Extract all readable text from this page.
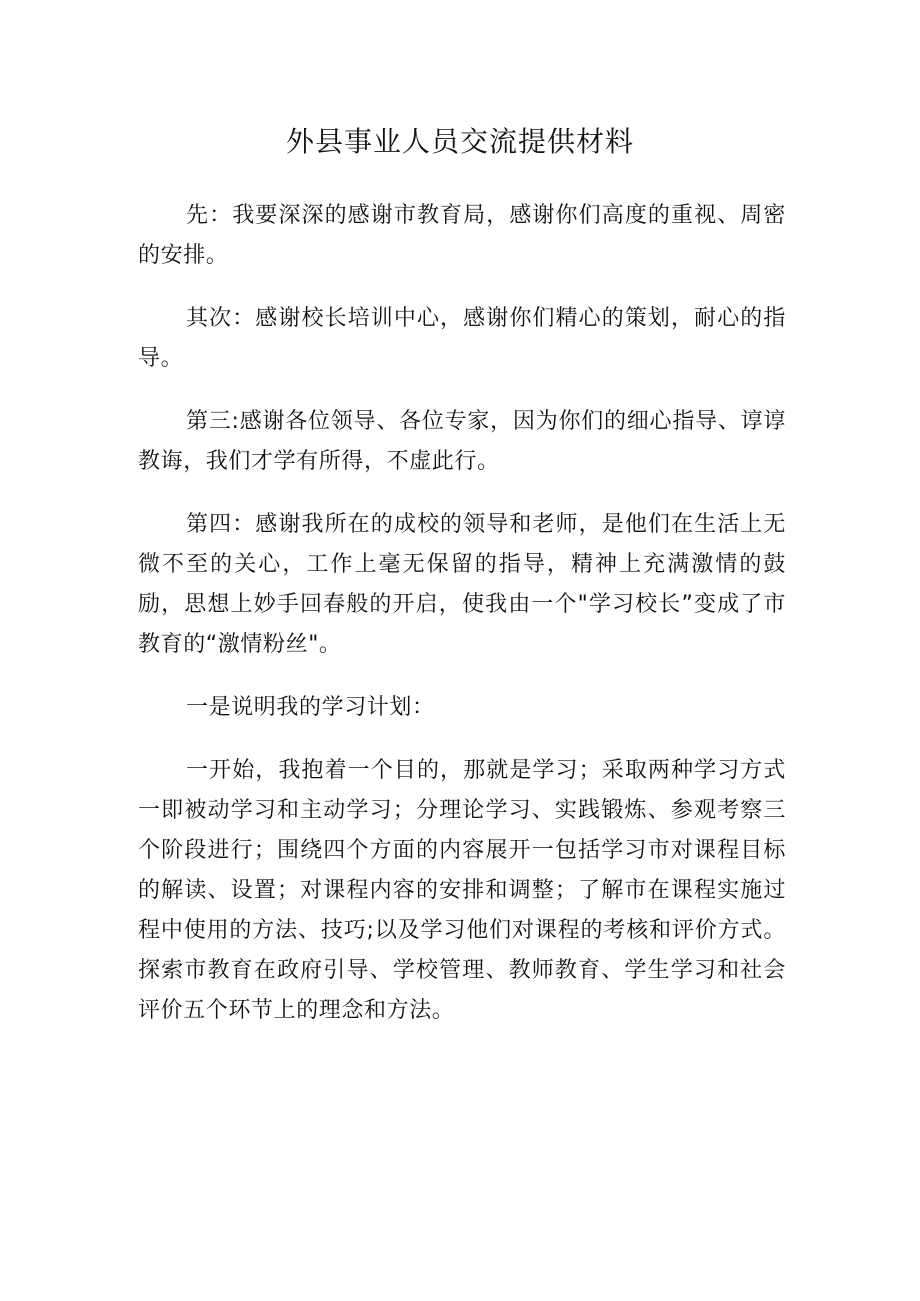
外县事业人员交流提供材料

先：我要深深的感谢市教育局，感谢你们高度的重视、周密的安排。

其次：感谢校长培训中心，感谢你们精心的策划，耐心的指导。

第三:感谢各位领导、各位专家，因为你们的细心指导、谆谆教诲，我们才学有所得，不虚此行。

第四：感谢我所在的成校的领导和老师，是他们在生活上无微不至的关心，工作上毫无保留的指导，精神上充满激情的鼓励，思想上妙手回春般的开启，使我由一个"学习校长”变成了市教育的“激情粉丝"。

一是说明我的学习计划：

一开始，我抱着一个目的，那就是学习；采取两种学习方式一即被动学习和主动学习；分理论学习、实践锻炼、参观考察三个阶段进行；围绕四个方面的内容展开一包括学习市对课程目标的解读、设置；对课程内容的安排和调整；了解市在课程实施过程中使用的方法、技巧;以及学习他们对课程的考核和评价方式。探索市教育在政府引导、学校管理、教师教育、学生学习和社会评价五个环节上的理念和方法。
